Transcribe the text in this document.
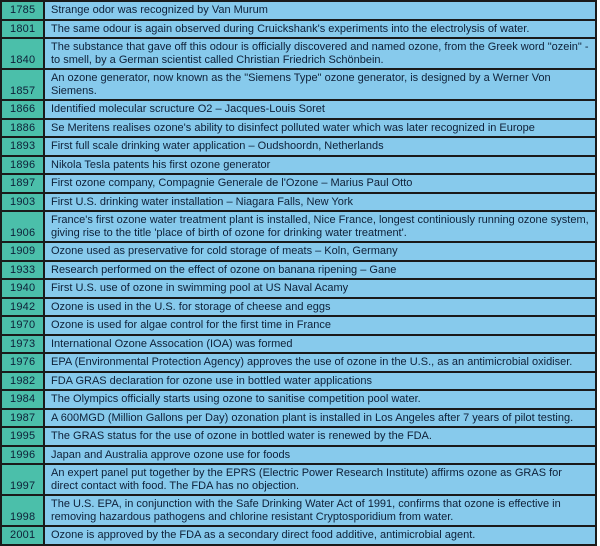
1785	Strange odor was recognized by Van Murum
1801	The same odour is again observed during Cruickshank's experiments into the electrolysis of water.
1840	The substance that gave off this odour is officially discovered and named ozone, from the Greek word "ozein" - to smell, by a German scientist called Christian Friedrich Schönbein.
1857	An ozone generator, now known as the "Siemens Type" ozone generator, is designed by a Werner Von Siemens.
1866	Identified molecular scructure O2 – Jacques-Louis Soret
1886	Se Meritens realises ozone's ability to disinfect polluted water which was later recognized in Europe
1893	First full scale drinking water application – Oudshoordn, Netherlands
1896	Nikola Tesla patents his first ozone generator
1897	First ozone company, Compagnie Generale de l'Ozone – Marius Paul Otto
1903	First U.S. drinking water installation – Niagara Falls, New York
1906	France's first ozone water treatment plant is installed, Nice France, longest continiously running ozone system, giving rise to the title 'place of birth of ozone for drinking water treatment'.
1909	Ozone used as preservative for cold storage of meats – Koln, Germany
1933	Research performed on the effect of ozone on banana ripening – Gane
1940	First U.S. use of ozone in swimming pool at US Naval Acamy
1942	Ozone is used in the U.S. for storage of cheese and eggs
1970	Ozone is used for algae control for the first time in France
1973	International Ozone Assocation (IOA) was formed
1976	EPA (Environmental Protection Agency) approves the use of ozone in the U.S., as an antimicrobial oxidiser.
1982	FDA GRAS declaration for ozone use in bottled water applications
1984	The Olympics officially starts using ozone to sanitise competition pool water.
1987	A 600MGD (Million Gallons per Day) ozonation plant is installed in Los Angeles after 7 years of pilot testing.
1995	The GRAS status for the use of ozone in bottled water is renewed by the FDA.
1996	Japan and Australia approve ozone use for foods
1997	An expert panel put together by the EPRS (Electric Power Research Institute) affirms ozone as GRAS for direct contact with food. The FDA has no objection.
1998	The U.S. EPA, in conjunction with the Safe Drinking Water Act of 1991, confirms that ozone is effective in removing hazardous pathogens and chlorine resistant Cryptosporidium from water.
2001	Ozone is approved by the FDA as a secondary direct food additive, antimicrobial agent.
